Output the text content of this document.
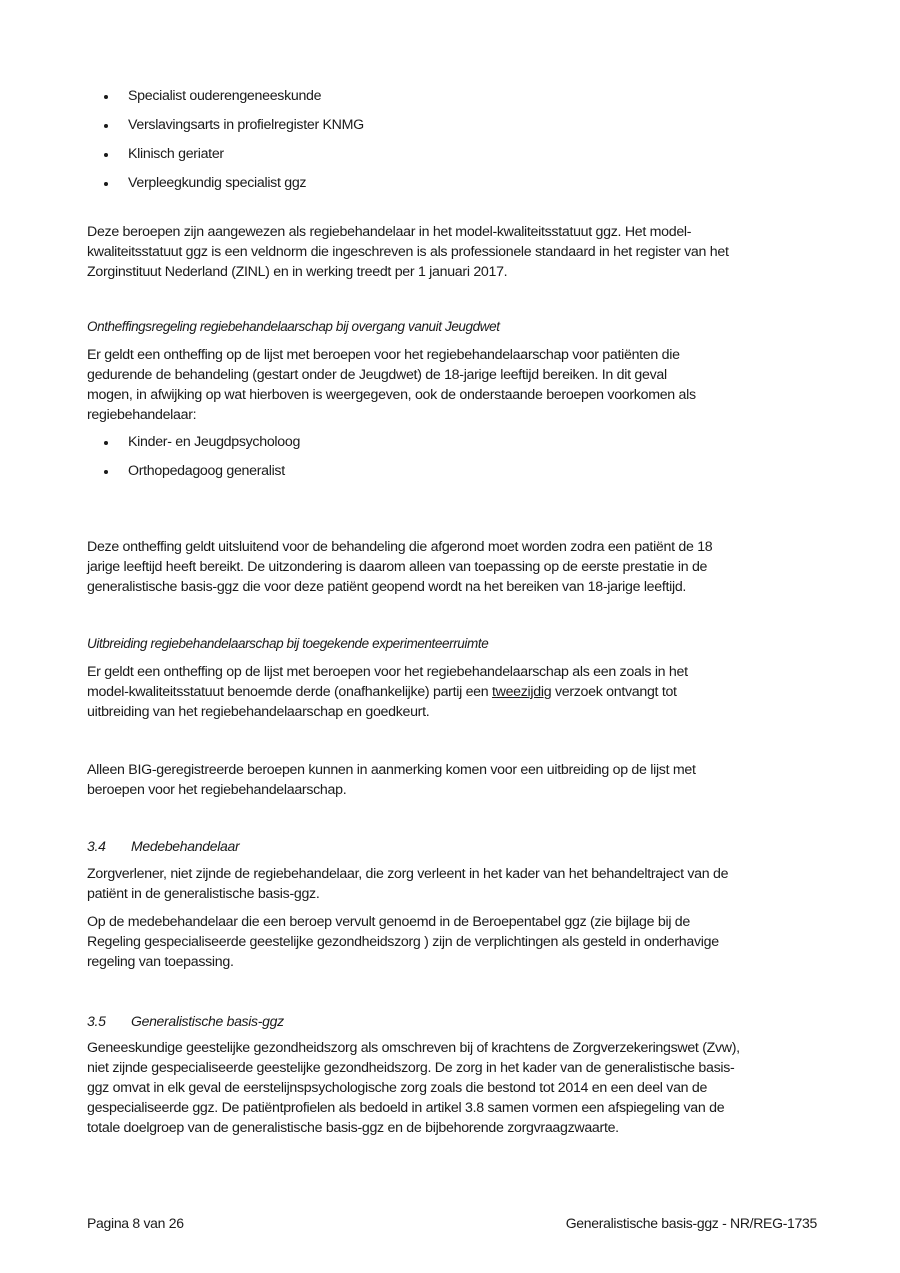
Specialist ouderengeneeskunde
Verslavingsarts in profielregister KNMG
Klinisch geriater
Verpleegkundig specialist ggz

Deze beroepen zijn aangewezen als regiebehandelaar in het model-kwaliteitsstatuut ggz. Het model-

kwaliteitsstatuut ggz is een veldnorm die ingeschreven is als professionele standaard in het register van het

Zorginstituut Nederland (ZINL) en in werking treedt per 1 januari 2017.

Ontheffingsregeling regiebehandelaarschap bij overgang vanuit Jeugdwet

Er geldt een ontheffing op de lijst met beroepen voor het regiebehandelaarschap voor patiënten die

gedurende de behandeling (gestart onder de Jeugdwet) de 18-jarige leeftijd bereiken. In dit geval

mogen, in afwijking op wat hierboven is weergegeven, ook de onderstaande beroepen voorkomen als

regiebehandelaar:

Kinder- en Jeugdpsycholoog
Orthopedagoog generalist

Deze ontheffing geldt uitsluitend voor de behandeling die afgerond moet worden zodra een patiënt de 18

jarige leeftijd heeft bereikt. De uitzondering is daarom alleen van toepassing op de eerste prestatie in de

generalistische basis-ggz die voor deze patiënt geopend wordt na het bereiken van 18-jarige leeftijd.

Uitbreiding regiebehandelaarschap bij toegekende experimenteerruimte

Er geldt een ontheffing op de lijst met beroepen voor het regiebehandelaarschap als een zoals in het

model-kwaliteitsstatuut benoemde derde (onafhankelijke) partij een tweezijdig verzoek ontvangt tot

uitbreiding van het regiebehandelaarschap en goedkeurt.

Alleen BIG-geregistreerde beroepen kunnen in aanmerking komen voor een uitbreiding op de lijst met

beroepen voor het regiebehandelaarschap.

3.4 Medebehandelaar

Zorgverlener, niet zijnde de regiebehandelaar, die zorg verleent in het kader van het behandeltraject van de

patiënt in de generalistische basis-ggz.

Op de medebehandelaar die een beroep vervult genoemd in de Beroepentabel ggz (zie bijlage bij de

Regeling gespecialiseerde geestelijke gezondheidszorg ) zijn de verplichtingen als gesteld in onderhavige

regeling van toepassing.

3.5 Generalistische basis-ggz

Geneeskundige geestelijke gezondheidszorg als omschreven bij of krachtens de Zorgverzekeringswet (Zvw),

niet zijnde gespecialiseerde geestelijke gezondheidszorg. De zorg in het kader van de generalistische basis-

ggz omvat in elk geval de eerstelijnspsychologische zorg zoals die bestond tot 2014 en een deel van de

gespecialiseerde ggz. De patiëntprofielen als bedoeld in artikel 3.8 samen vormen een afspiegeling van de

totale doelgroep van de generalistische basis-ggz en de bijbehorende zorgvraagzwaarte.

Pagina 8 van 26	Generalistische basis-ggz - NR/REG-1735
